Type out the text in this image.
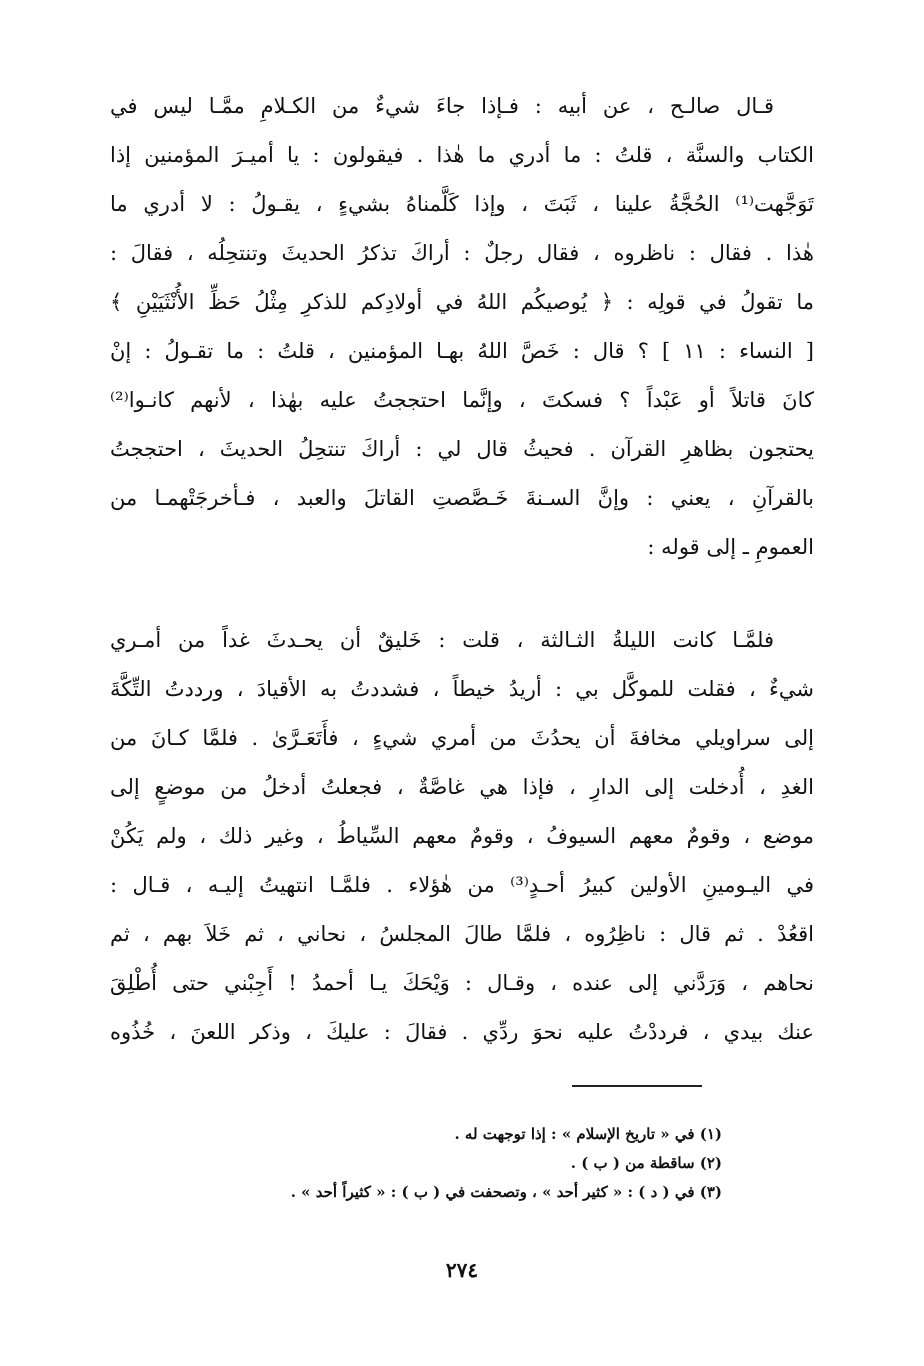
قـال صالـح ، عن أبيه : فـإذا جاءَ شيءٌ من الكـلامِ ممَّـا ليس في
الكتاب والسنَّة ، قلتُ : ما أدري ما هٰذا . فيقولون : يا أميـرَ المؤمنين إذا
تَوَجَّهت⁽¹⁾ الحُجَّةُ علينا ، ثَبَتَ ، وإذا كَلَّمناهُ بشيءٍ ، يقـولُ : لا أدري ما
هٰذا . فقال : ناظروه ، فقال رجلٌ : أراكَ تذكرُ الحديثَ وتنتحِلُه ، فقالَ :
ما تقولُ في قولِه : ﴿ يُوصيكُم اللهُ في أولادِكم للذكرِ مِثْلُ حَظِّ الأُنْثَيَيْنِ ﴾
[ النساء : ١١ ] ؟ قال : خَصَّ اللهُ بهـا المؤمنين ، قلتُ : ما تقـولُ : إنْ
كانَ قاتلاً أو عَبْداً ؟ فسكتَ ، وإنَّما احتججتُ عليه بهٰذا ، لأنهم كانـوا⁽²⁾
يحتجون بظاهرِ القرآن . فحيثُ قال لي : أراكَ تنتحِلُ الحديثَ ، احتججتُ
بالقرآنِ ، يعني : وإنَّ السـنةَ خَـصَّصتِ القاتلَ والعبد ، فـأخرجَتْهمـا من
العمومِ ـ إلى قوله :

فلمَّـا كانت الليلةُ الثـالثة ، قلت : خَليقٌ أن يحـدثَ غداً من أمـري
شيءٌ ، فقلت للموكَّل بي : أريدُ خيطاً ، فشددتُ به الأقيادَ ، ورددتُ التِّكَّةَ
إلى سراويلي مخافةَ أن يحدُثَ من أمري شيءٍ ، فأَتَعَـرَّىٰ . فلمَّا كـانَ من
الغدِ ، أُدخلت إلى الدارِ ، فإذا هي غاصَّةٌ ، فجعلتُ أدخلُ من موضعٍ إلى
موضع ، وقومٌ معهم السيوفُ ، وقومٌ معهم السِّياطُ ، وغير ذلك ، ولم يَكُنْ
في اليـومينِ الأولين كبيرُ أحـدٍ⁽³⁾ من هٰؤلاء . فلمَّـا انتهيتُ إليـه ، قـال :
اقعُدْ . ثم قال : ناظِرُوه ، فلمَّا طالَ المجلسُ ، نحاني ، ثم خَلاَ بهم ، ثم
نحاهم ، وَرَدَّني إلى عنده ، وقـال : وَيْحَكَ يـا أحمدُ ! أَجِبْني حتى أُطْلِقَ
عنك بيدي ، فرددْتُ عليه نحوَ ردِّي . فقالَ : عليكَ ، وذكر اللعنَ ، خُذُوه

(١) في « تاريخ الإسلام » : إذا توجهت له .
(٢) ساقطة من ( ب ) .
(٣) في ( د ) : « كثير أحد » ، وتصحفت في ( ب ) : « كثيراً أحد » .
٢٧٤
